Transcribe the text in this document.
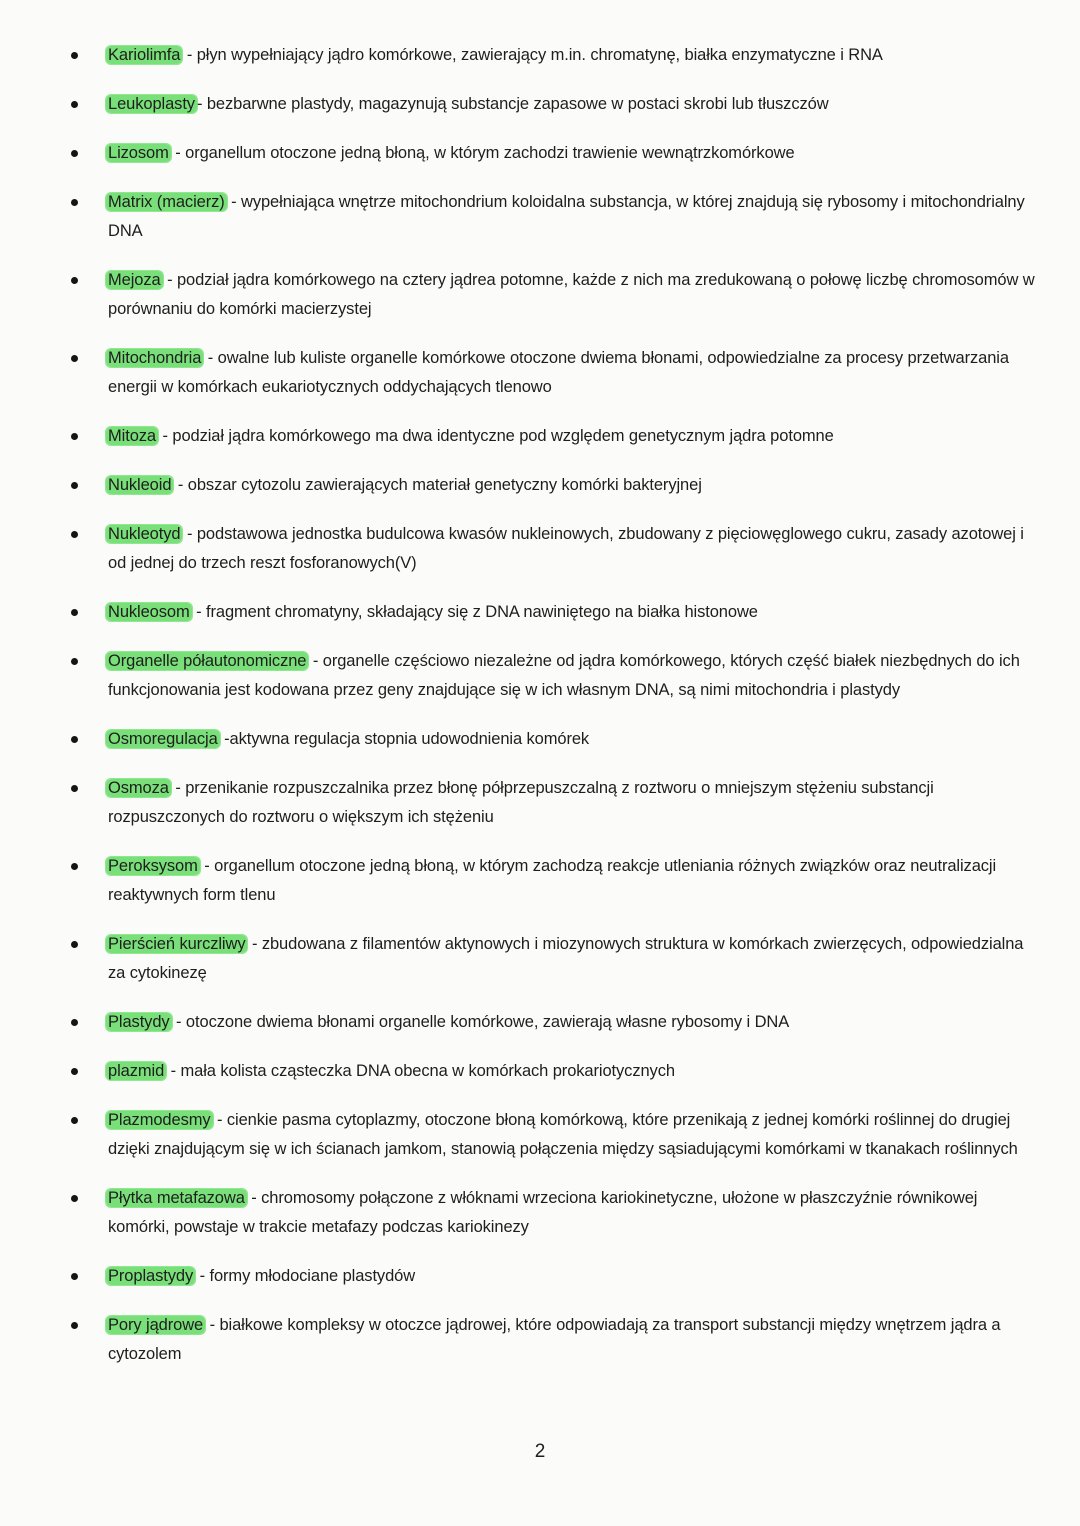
Kariolimfa - płyn wypełniający jądro komórkowe, zawierający m.in. chromatynę, białka enzymatyczne i RNA
Leukoplasty - bezbarwne plastydy, magazynują substancje zapasowe w postaci skrobi lub tłuszczów
Lizosom - organellum otoczone jedną błoną, w którym zachodzi trawienie wewnątrzkomórkowe
Matrix (macierz) - wypełniająca wnętrze mitochondrium koloidalna substancja, w której znajdują się rybosomy i mitochondrialny DNA
Mejoza - podział jądra komórkowego na cztery jądrea potomne, każde z nich ma zredukowaną o połowę liczbę chromosomów w porównaniu do komórki macierzystej
Mitochondria - owalne lub kuliste organelle komórkowe otoczone dwiema błonami, odpowiedzialne za procesy przetwarzania energii w komórkach eukariotycznych oddychających tlenowo
Mitoza - podział jądra komórkowego ma dwa identyczne pod względem genetycznym jądra potomne
Nukleoid - obszar cytozolu zawierających materiał genetyczny komórki bakteryjnej
Nukleotyd - podstawowa jednostka budulcowa kwasów nukleinowych, zbudowany z pięciowęglowego cukru, zasady azotowej i od jednej do trzech reszt fosforanowych(V)
Nukleosom - fragment chromatyny, składający się z DNA nawiniętego na białka histonowe
Organelle półautonomiczne - organelle częściowo niezależne od jądra komórkowego, których część białek niezbędnych do ich funkcjonowania jest kodowana przez geny znajdujące się w ich własnym DNA, są nimi mitochondria i plastydy
Osmoregulacja -aktywna regulacja stopnia udowodnienia komórek
Osmoza - przenikanie rozpuszczalnika przez błonę półprzepuszczalną z roztworu o mniejszym stężeniu substancji rozpuszczonych do roztworu o większym ich stężeniu
Peroksysom - organellum otoczone jedną błoną, w którym zachodzą reakcje utleniania różnych związków oraz neutralizacji reaktywnych form tlenu
Pierścień kurczliwy - zbudowana z filamentów aktynowych i miozynowych struktura w komórkach zwierzęcych, odpowiedzialna za cytokinezę
Plastydy - otoczone dwiema błonami organelle komórkowe, zawierają własne rybosomy i DNA
plazmid - mała kolista cząsteczka DNA obecna w komórkach prokariotycznych
Plazmodesmy - cienkie pasma cytoplazmy, otoczone błoną komórkową, które przenikają z jednej komórki roślinnej do drugiej dzięki znajdującym się w ich ścianach jamkom, stanowią połączenia między sąsiadującymi komórkami w tkanakach roślinnych
Płytka metafazowa - chromosomy połączone z włóknami wrzeciona kariokinetyczne, ułożone w płaszczyźnie równikowej komórki, powstaje w trakcie metafazy podczas kariokinezy
Proplastydy - formy młodociane plastydów
Pory jądrowe - białkowe kompleksy w otoczce jądrowej, które odpowiadają za transport substancji między wnętrzem jądra a cytozolem
2
